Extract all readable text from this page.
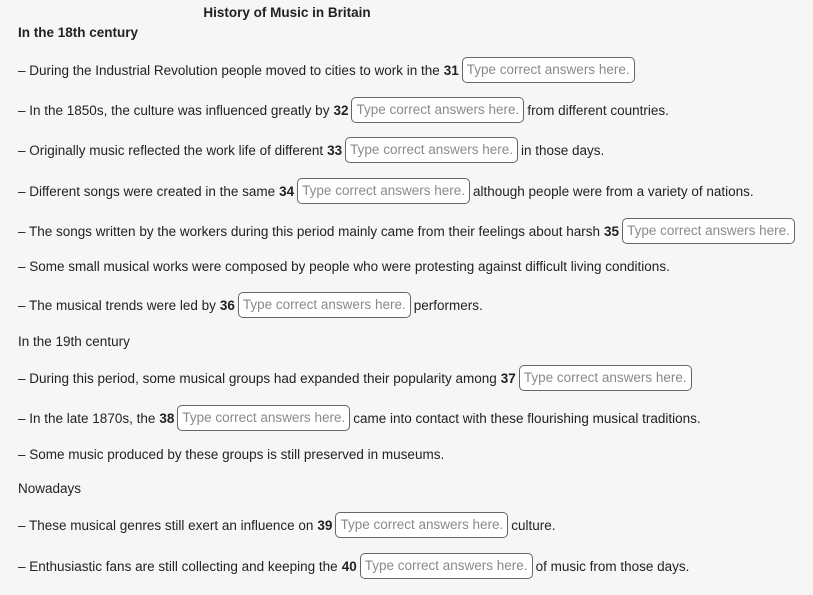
History of Music in Britain
In the 18th century
– During the Industrial Revolution people moved to cities to work in the 31 Type correct answers here.
– In the 1850s, the culture was influenced greatly by 32 Type correct answers here. from different countries.
– Originally music reflected the work life of different 33 Type correct answers here. in those days.
– Different songs were created in the same 34 Type correct answers here. although people were from a variety of nations.
– The songs written by the workers during this period mainly came from their feelings about harsh 35 Type correct answers here.
– Some small musical works were composed by people who were protesting against difficult living conditions.
– The musical trends were led by 36 Type correct answers here. performers.
In the 19th century
– During this period, some musical groups had expanded their popularity among 37 Type correct answers here.
– In the late 1870s, the 38 Type correct answers here. came into contact with these flourishing musical traditions.
– Some music produced by these groups is still preserved in museums.
Nowadays
– These musical genres still exert an influence on 39 Type correct answers here. culture.
– Enthusiastic fans are still collecting and keeping the 40 Type correct answers here. of music from those days.
